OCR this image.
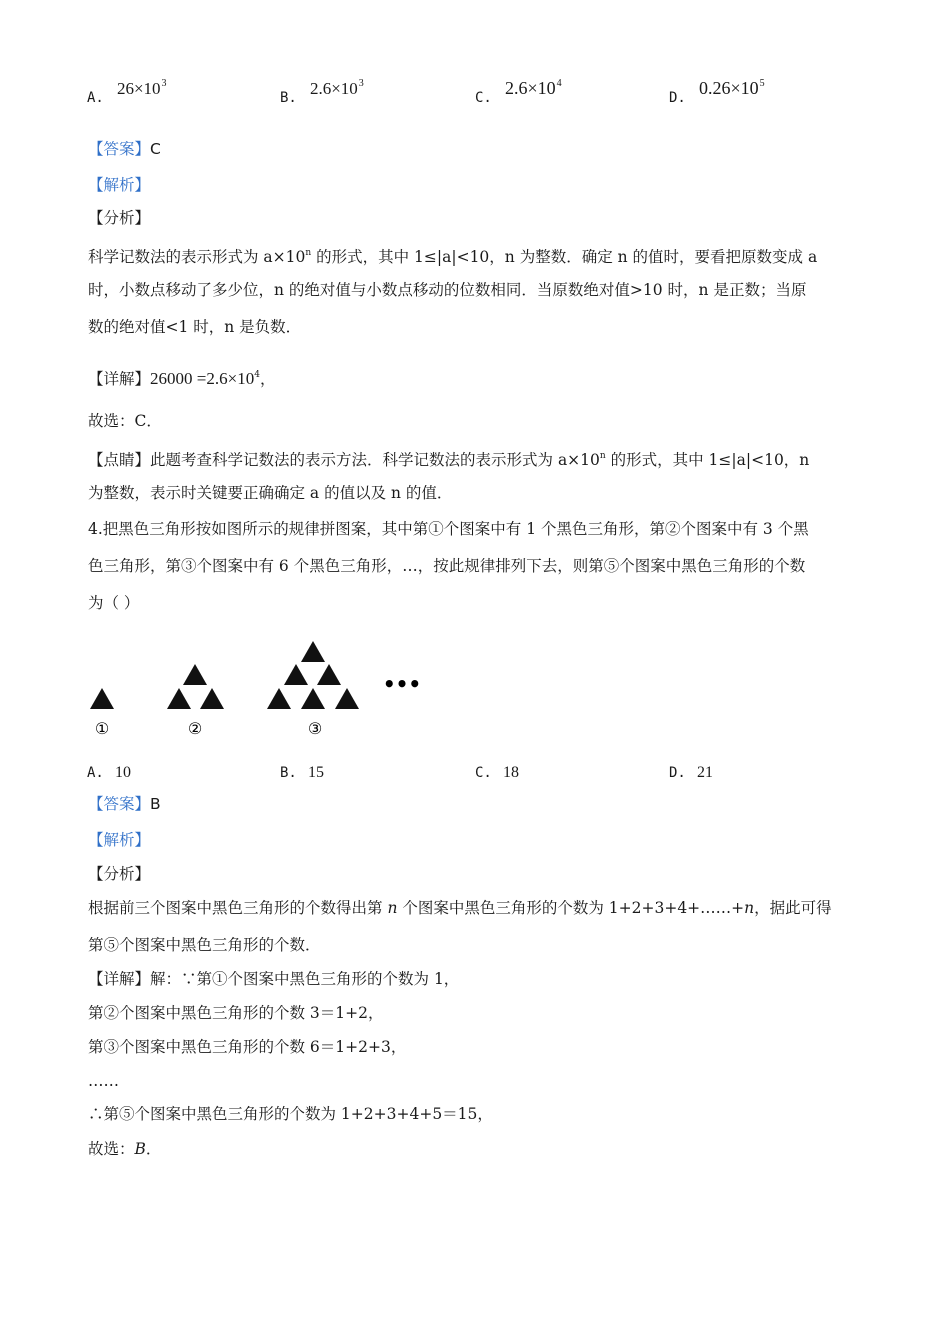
A. $26\times 10^3$
B. $2.6\times 10^3$
C. $2.6\times 10^4$
D. $0.26\times 10^5$
【答案】C
【解析】
【分析】
科学记数法的表示形式为 $a\times 10^n$ 的形式，其中 1≤|a|<10，n 为整数．确定 n 的值时，要看把原数变成 a
时，小数点移动了多少位，n 的绝对值与小数点移动的位数相同．当原数绝对值>10 时，n 是正数；当原
数的绝对值<1 时，n 是负数．
【详解】$26000 =2.6\times 10^4$，
故选：C．
【点睛】此题考查科学记数法的表示方法．科学记数法的表示形式为 $a\times 10^n$ 的形式，其中 1≤|a|<10，n
为整数，表示时关键要正确确定 a 的值以及 n 的值．
4.把黑色三角形按如图所示的规律拼图案，其中第①个图案中有 1 个黑色三角形，第②个图案中有 3 个黑
色三角形，第③个图案中有 6 个黑色三角形，…，按此规律排列下去，则第⑤个图案中黑色三角形的个数
为（ ）
①	②	③
•••
A. 10	B. 15	C. 18	D. 21
【答案】B
【解析】
【分析】
根据前三个图案中黑色三角形的个数得出第 n 个图案中黑色三角形的个数为 1+2+3+4+……+n，据此可得
第⑤个图案中黑色三角形的个数．
【详解】解：∵第①个图案中黑色三角形的个数为 1，
第②个图案中黑色三角形的个数 3＝1+2，
第③个图案中黑色三角形的个数 6＝1+2+3，
……
∴第⑤个图案中黑色三角形的个数为 1+2+3+4+5＝15，
故选：B．
